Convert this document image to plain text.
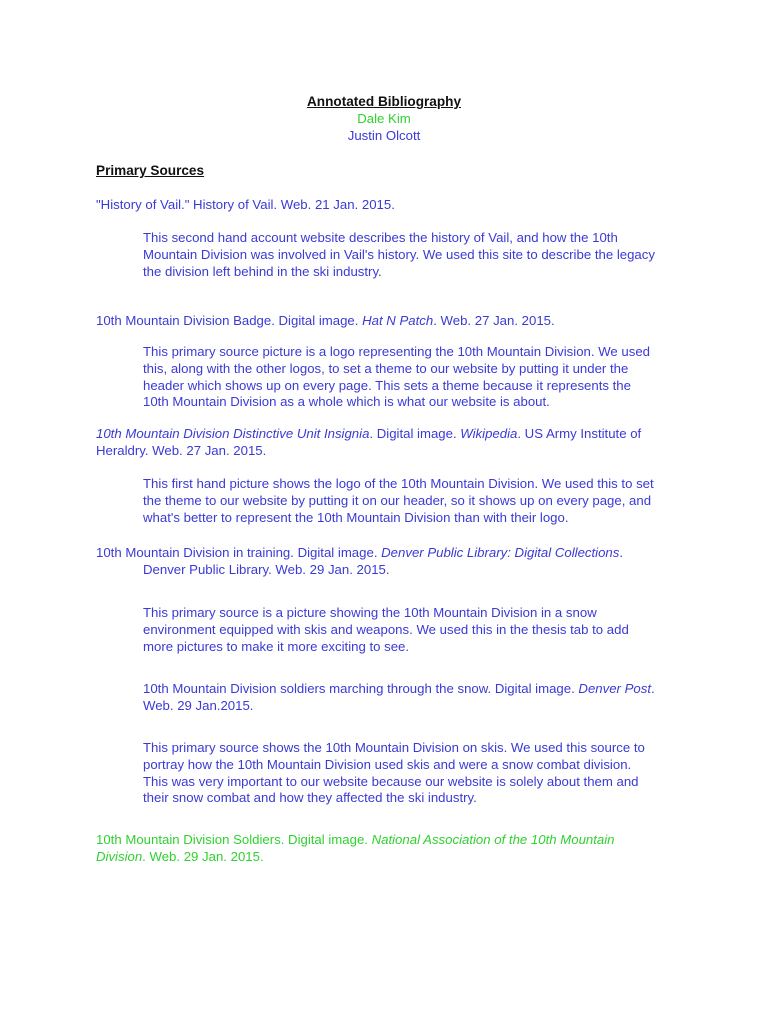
Annotated Bibliography
Dale Kim
Justin Olcott
Primary Sources
"History of Vail." History of Vail. Web. 21 Jan. 2015.
This second hand account website describes the history of Vail, and how the 10th
Mountain Division was involved in Vail's history. We used this site to describe the legacy
the division left behind in the ski industry.
10th Mountain Division Badge. Digital image. Hat N Patch. Web. 27 Jan. 2015.
This primary source picture is a logo representing the 10th Mountain Division. We used
this, along with the other logos, to set a theme to our website by putting it under the
header which shows up on every page. This sets a theme because it represents the
10th Mountain Division as a whole which is what our website is about.
10th Mountain Division Distinctive Unit Insignia. Digital image. Wikipedia. US Army Institute of
Heraldry. Web. 27 Jan. 2015.
This first hand picture shows the logo of the 10th Mountain Division. We used this to set
the theme to our website by putting it on our header, so it shows up on every page, and
what's better to represent the 10th Mountain Division than with their logo.
10th Mountain Division in training. Digital image. Denver Public Library: Digital Collections.
Denver Public Library. Web. 29 Jan. 2015.
This primary source is a picture showing the 10th Mountain Division in a snow
environment equipped with skis and weapons. We used this in the thesis tab to add
more pictures to make it more exciting to see.
10th Mountain Division soldiers marching through the snow. Digital image. Denver Post.
Web. 29 Jan.2015.
This primary source shows the 10th Mountain Division on skis. We used this source to
portray how the 10th Mountain Division used skis and were a snow combat division.
This was very important to our website because our website is solely about them and
their snow combat and how they affected the ski industry.
10th Mountain Division Soldiers. Digital image. National Association of the 10th Mountain
Division. Web. 29 Jan. 2015.
